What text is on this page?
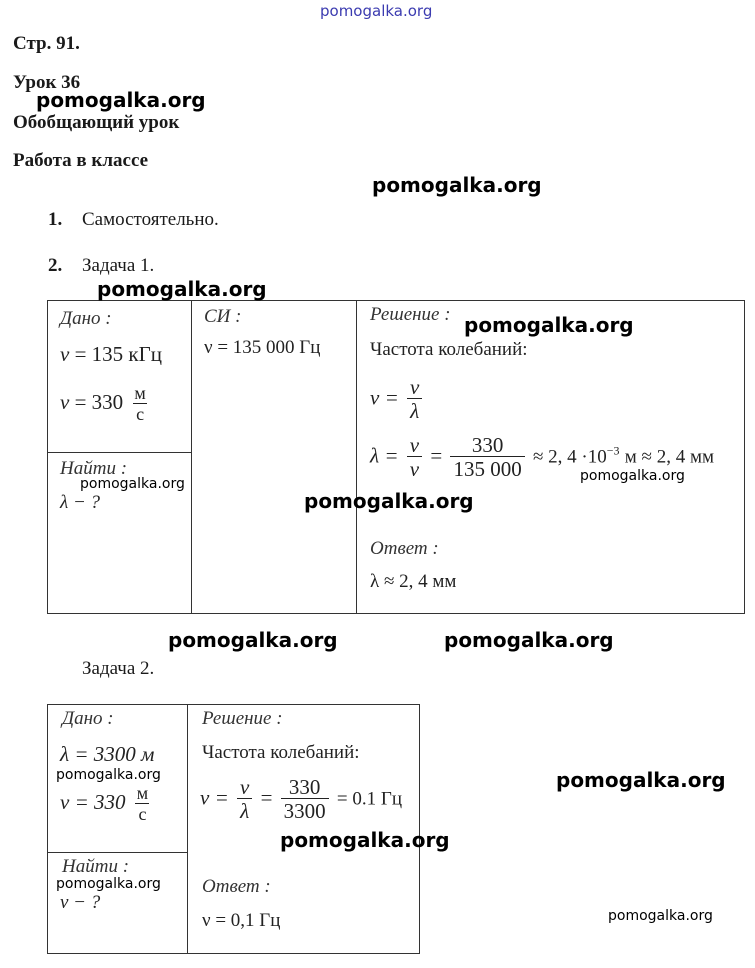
pomogalka.org
Стр. 91.
Урок 36
Обобщающий урок
Работа в классе
1. Самостоятельно.
2. Задача 1.
Дано :
ν = 135 кГц
$v = 330 \frac{м}{с}$
Найти :
λ − ?
СИ :
ν = 135 000 Гц
Решение :
Частота колебаний:
$\nu = \frac{v}{\lambda}$
$\lambda = \frac{v}{\nu} = \frac{330}{135 000} \approx 2$, $4 \cdot 10^{-3}$ м ≈ 2, 4 мм
Ответ :
λ ≈ 2, 4 мм
Задача 2.
Дано :
λ = 3300 м
$v = 330 \frac{м}{с}$
Найти :
ν − ?
Решение :
Частота колебаний:
$\nu = \frac{v}{\lambda} = \frac{330}{3300} = 0.1$ Гц
Ответ :
ν = 0,1 Гц
pomogalka.org
pomogalka.org
pomogalka.org
pomogalka.org
pomogalka.org	pomogalka.org
pomogalka.org
pomogalka.org	pomogalka.org
pomogalka.org	pomogalka.org
pomogalka.org
pomogalka.org
pomogalka.org
